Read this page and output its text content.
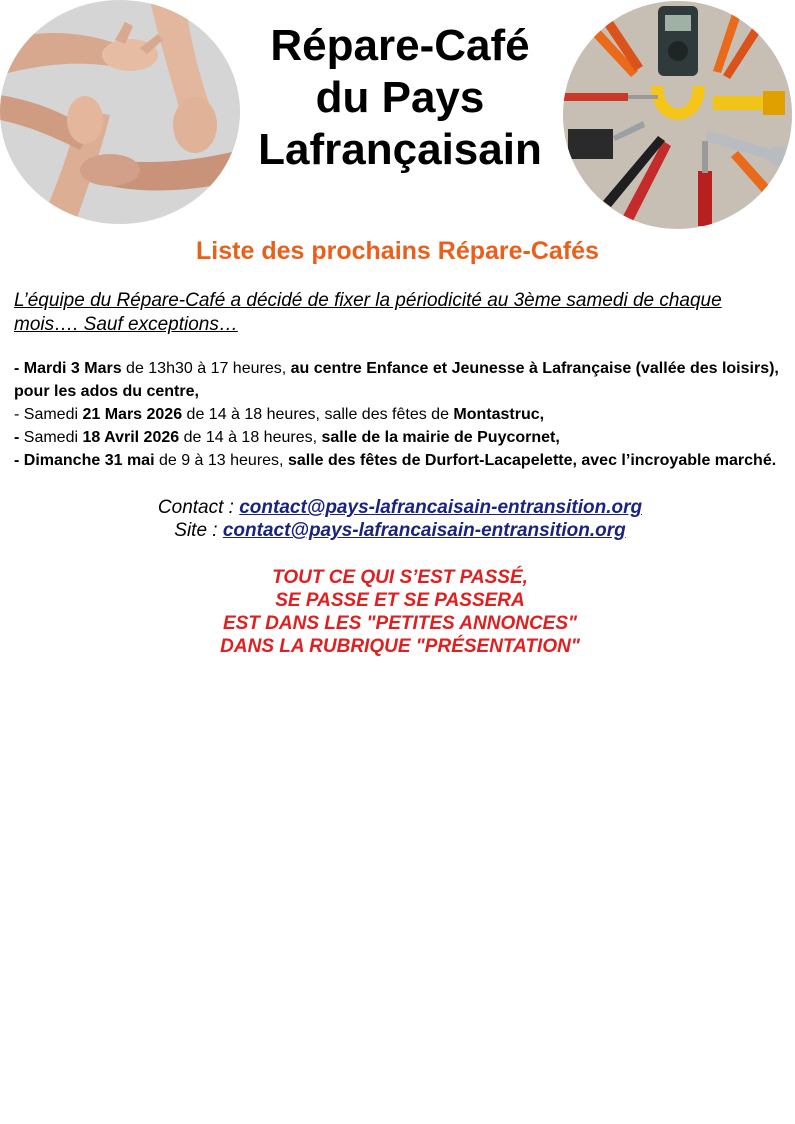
Répare-Café
du Pays
Lafrançaisain
Liste des prochains Répare-Cafés

L’équipe du Répare-Café a décidé de fixer la périodicité au 3ème samedi de chaque mois…. Sauf exceptions…

- Mardi 3 Mars de 13h30 à 17 heures, au centre Enfance et Jeunesse à Lafrançaise (vallée des loisirs), pour les ados du centre,

- Samedi 21 Mars 2026 de 14 à 18 heures, salle des fêtes de Montastruc,

- Samedi 18 Avril 2026 de 14 à 18 heures, salle de la mairie de Puycornet,

- Dimanche 31 mai de 9 à 13 heures, salle des fêtes de Durfort-Lacapelette, avec l’incroyable marché.

Contact : contact@pays-lafrancaisain-entransition.org

Site : contact@pays-lafrancaisain-entransition.org

TOUT CE QUI S’EST PASSÉ,

SE PASSE ET SE PASSERA

EST DANS LES "PETITES ANNONCES"

DANS LA RUBRIQUE "PRÉSENTATION"
